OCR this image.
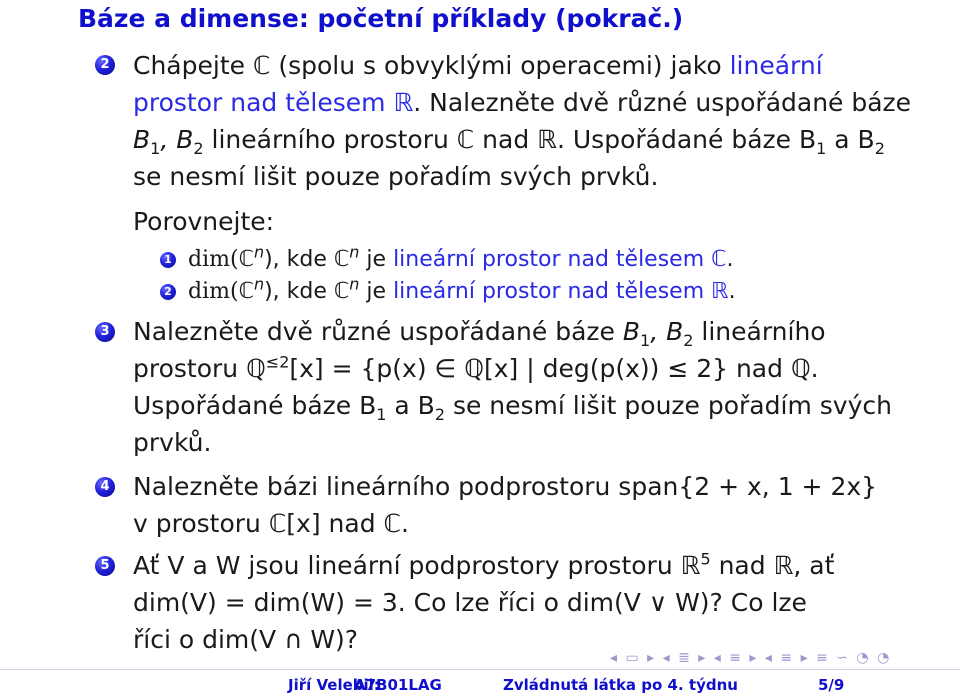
Báze a dimense: početní příklady (pokrač.)
2 Chápejte ℂ (spolu s obvyklými operacemi) jako lineární
prostor nad tělesem ℝ. Nalezněte dvě různé uspořádané báze
$B_1$, $B_2$ lineárního prostoru ℂ nad ℝ. Uspořádané báze $B_1$ a $B_2$
se nesmí lišit pouze pořadím svých prvků.
Porovnejte:
1 dim(ℂ$^n$), kde ℂ$^n$ je lineární prostor nad tělesem ℂ.
2 dim(ℂ$^n$), kde ℂ$^n$ je lineární prostor nad tělesem ℝ.
3 Nalezněte dvě různé uspořádané báze $B_1$, $B_2$ lineárního
prostoru ℚ$^{\le 2}$[x] = {p(x) ∈ ℚ[x] | deg(p(x)) ≤ 2} nad ℚ.
Uspořádané báze $B_1$ a $B_2$ se nesmí lišit pouze pořadím svých
prvků.
4 Nalezněte bázi lineárního podprostoru span{2 + x, 1 + 2x}
v prostoru ℂ[x] nad ℂ.
5 Ať V a W jsou lineární podprostory prostoru ℝ$^5$ nad ℝ, ať
dim(V) = dim(W) = 3. Co lze říci o dim(V ∨ W)? Co lze
říci o dim(V ∩ W)?
◂ ▭ ▸ ◂ ≣ ▸ ◂ ≡ ▸ ◂ ≡ ▸ ≡ ∽ ◔ ◔
Jiří Velebil:
A7B01LAG	Zvládnutá látka po 4. týdnu	5/9
